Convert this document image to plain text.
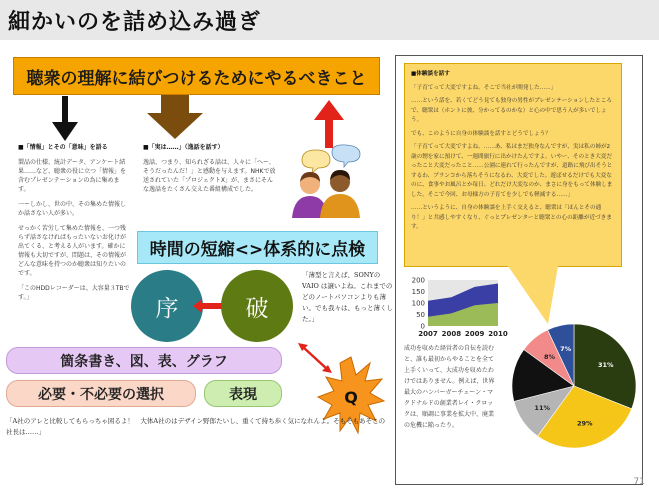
細かいのを詰め込み過ぎ
聴衆の理解に結びつけるためにやるべきこと
■「情報」とその「意味」を語る

製品の仕様、統計データ、アンケート結果……など、聴衆の役に立つ「情報」を含むプレゼンテーションの為に集めます。

一ーしかし、世の中、その集めた情報しか話さない人が多い。

せっかく苦労して集めた情報を、一つ残らず話さなければもったいないお化けが出てくる、と考える人がいます。確かに情報も大切ですが、問題は、その情報がどんな意味を持つのか聴衆は知りたいのです。

「このHDDレコーダーは、大容量３TBです。」

■「実は……」（逸話を話す）

逸話、つまり、知られざる話は、人々に「へー、そうだったんだ！」と感動を与えます。NHKで放送されていた「プロジェクトX」が、まさにそんな逸話をたくさん交えた番組構成でした。

時間の短縮<>体系的に点検
序	破
「薄型と言えば、SONYのVAIO は譲いよね。これまでのどのノートパソコンよりも薄い。でも我々は、もっと薄くした。」
箇条書き、図、表、グラフ
必要・不必要の選択	表現	Q
「A社のアレと比較してもらっちゃ困るよ！　大体A社のはデザイン野郎たいし、重くて持ち歩く気になれんよ。そもそもあそこの社長は……」
■体験談を話す

「子育てって大変ですよね。そこで当社が開発した……」

……という話を、若くてどう見ても独身の男性がプレゼンテーションしたところで、聴衆は（ホントに彼、分かってるのかな）と心の中で思う人が多いでしょう。

でも、このように自身の体験談を話すとどうでしょう？

「子育てって大変ですよね。……あ、私はまだ独身なんですが、実は私の姉が2歳の甥を家に預けて、一週間旅行に出かけたんですよ。いやー、そのとき大変だったこと大変だったこと……公園に連れて行ったんですが、道路に飛び出そうとするわ、ブランコから落ちそうになるわ、大変でした。遊ばせるだけでも大変なのに、食事やお風呂とか毎日、どれだけ大変なのか、まさに身をもって体験しました。そこで今回、お母様方の子育てを少しでも軽減する……」

……というように、自身の体験談を上手く交えると、聴衆は「ほんとその通り！」と共感しやすくなり、ぐっとプレゼンターと聴衆との心の距離が近づきます。

200
150
100
50
0
2007 2008 2009 2010
成功を収めた経営者の自伝を読むと、誰も最初からやることを全て上手くいって、大成功を収めたわけではありません。例えば、世界最大のハンバーガーチェーン・マクドナルドの創業者レイ・クロックは、順調に事業を拡大中、廃業の危機に陥ったり。
31%
29%
11%
8%
7%
71
